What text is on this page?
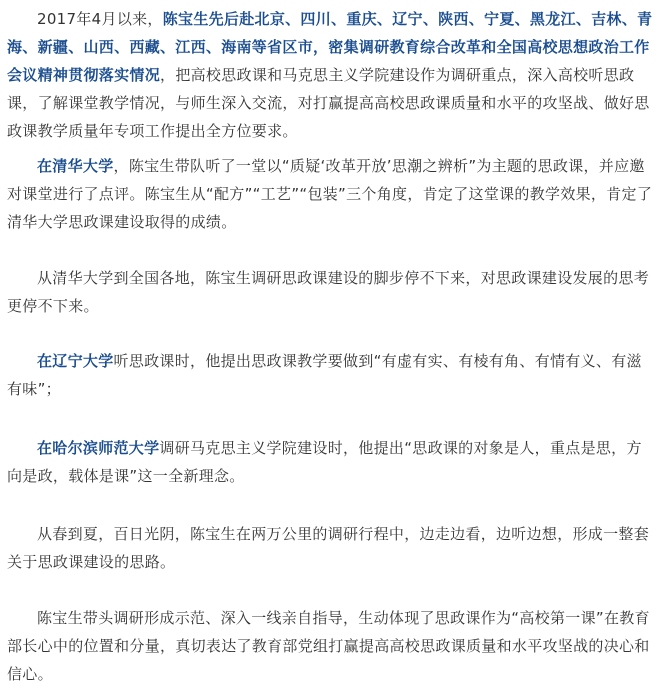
2017年4月以来，陈宝生先后赴北京、四川、重庆、辽宁、陕西、宁夏、黑龙江、吉林、青海、新疆、山西、西藏、江西、海南等省区市，密集调研教育综合改革和全国高校思想政治工作会议精神贯彻落实情况，把高校思政课和马克思主义学院建设作为调研重点，深入高校听思政课，了解课堂教学情况，与师生深入交流，对打赢提高高校思政课质量和水平的攻坚战、做好思政课教学质量年专项工作提出全方位要求。

在清华大学，陈宝生带队听了一堂以“质疑‘改革开放’思潮之辨析”为主题的思政课，并应邀对课堂进行了点评。陈宝生从“配方”“工艺”“包装”三个角度，肯定了这堂课的教学效果，肯定了清华大学思政课建设取得的成绩。

从清华大学到全国各地，陈宝生调研思政课建设的脚步停不下来，对思政课建设发展的思考更停不下来。

在辽宁大学听思政课时，他提出思政课教学要做到“有虚有实、有棱有角、有情有义、有滋有味”；

在哈尔滨师范大学调研马克思主义学院建设时，他提出“思政课的对象是人，重点是思，方向是政，载体是课”这一全新理念。

从春到夏，百日光阴，陈宝生在两万公里的调研行程中，边走边看，边听边想，形成一整套关于思政课建设的思路。

陈宝生带头调研形成示范、深入一线亲自指导，生动体现了思政课作为“高校第一课”在教育部长心中的位置和分量，真切表达了教育部党组打赢提高高校思政课质量和水平攻坚战的决心和信心。
